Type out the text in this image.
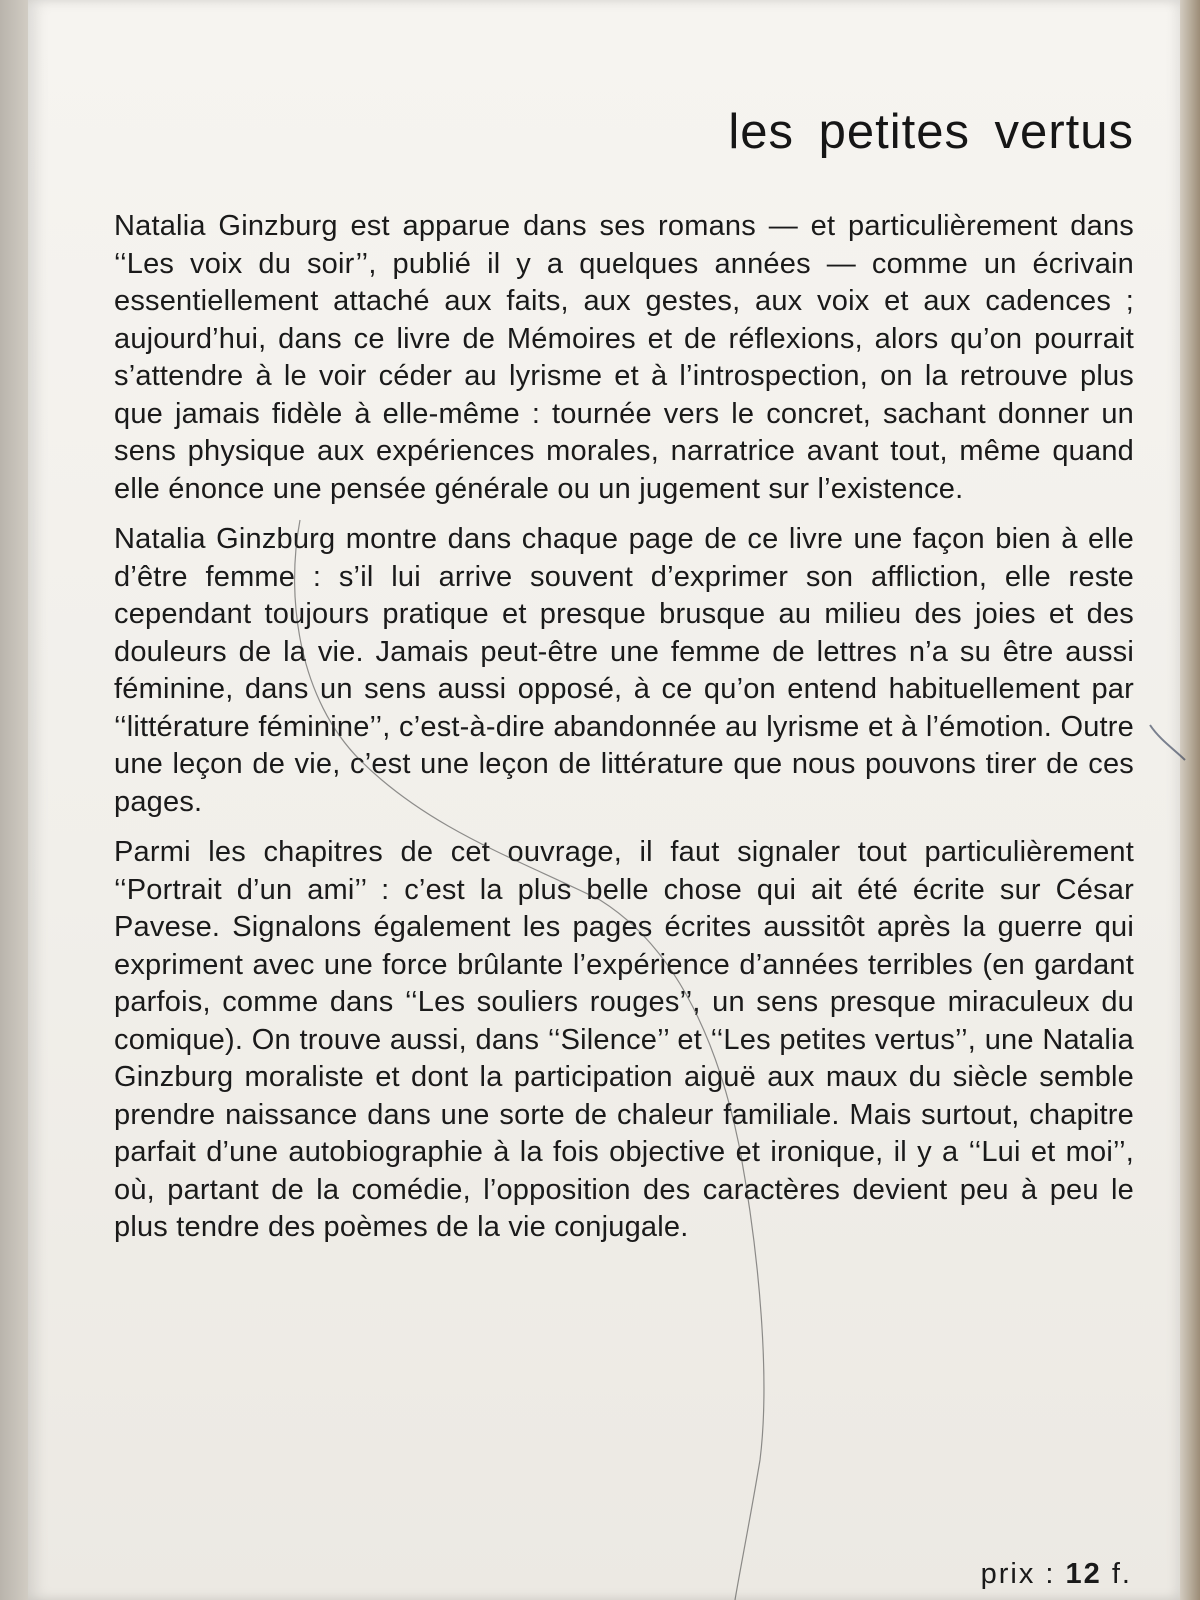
les petites vertus

Natalia Ginzburg est apparue dans ses romans — et particulièrement dans ‘‘Les voix du soir’’, publié il y a quelques années — comme un écrivain essentiellement attaché aux faits, aux gestes, aux voix et aux cadences ; aujourd’hui, dans ce livre de Mémoires et de réflexions, alors qu’on pourrait s’attendre à le voir céder au lyrisme et à l’introspection, on la retrouve plus que jamais fidèle à elle-même : tournée vers le concret, sachant donner un sens physique aux expériences morales, narratrice avant tout, même quand elle énonce une pensée générale ou un jugement sur l’existence.

Natalia Ginzburg montre dans chaque page de ce livre une façon bien à elle d’être femme : s’il lui arrive souvent d’exprimer son affliction, elle reste cependant toujours pratique et presque brusque au milieu des joies et des douleurs de la vie. Jamais peut-être une femme de lettres n’a su être aussi féminine, dans un sens aussi opposé, à ce qu’on entend habituellement par ‘‘littérature féminine’’, c’est-à-dire abandonnée au lyrisme et à l’émotion. Outre une leçon de vie, c’est une leçon de littérature que nous pouvons tirer de ces pages.

Parmi les chapitres de cet ouvrage, il faut signaler tout particulièrement ‘‘Portrait d’un ami’’ : c’est la plus belle chose qui ait été écrite sur César Pavese. Signalons également les pages écrites aussitôt après la guerre qui expriment avec une force brûlante l’expérience d’années terribles (en gardant parfois, comme dans ‘‘Les souliers rouges’’, un sens presque miraculeux du comique). On trouve aussi, dans ‘‘Silence’’ et ‘‘Les petites vertus’’, une Natalia Ginzburg moraliste et dont la participation aiguë aux maux du siècle semble prendre naissance dans une sorte de chaleur familiale. Mais surtout, chapitre parfait d’une autobiographie à la fois objective et ironique, il y a ‘‘Lui et moi’’, où, partant de la comédie, l’opposition des caractères devient peu à peu le plus tendre des poèmes de la vie conjugale.

prix : 12 f.
